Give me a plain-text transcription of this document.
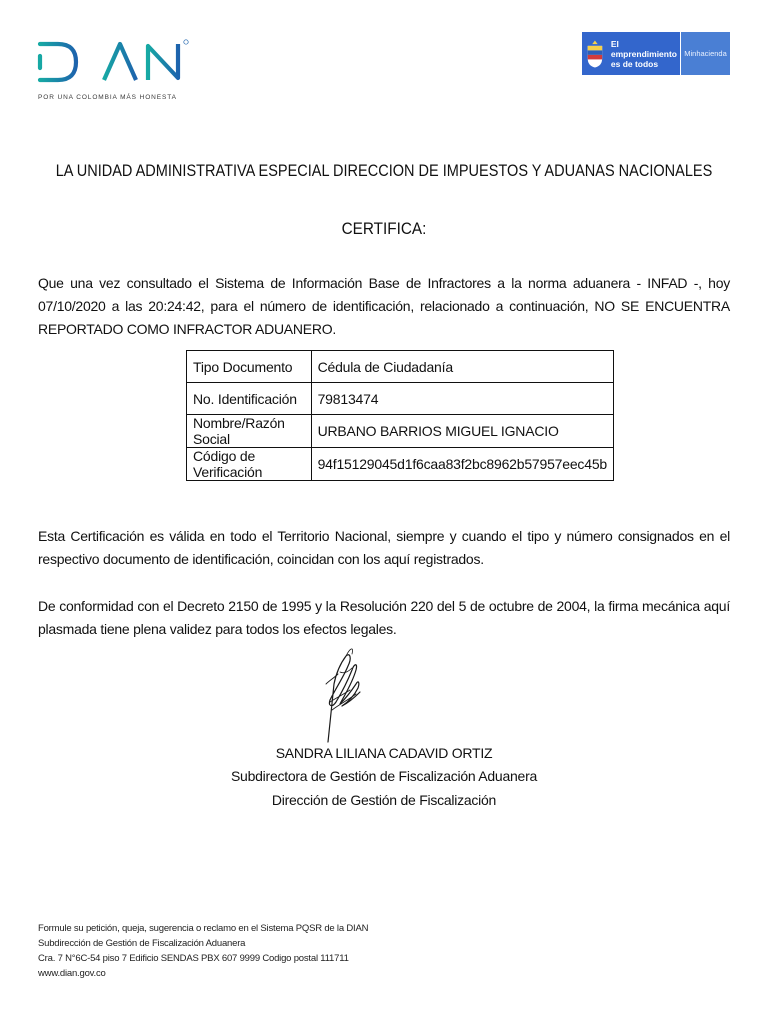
POR UNA COLOMBIA MÁS HONESTA
El emprendimiento
es de todos
Minhacienda
LA UNIDAD ADMINISTRATIVA ESPECIAL DIRECCION DE IMPUESTOS Y ADUANAS NACIONALES
CERTIFICA:
Que una vez consultado el Sistema de Información Base de Infractores a la norma aduanera - INFAD -, hoy 07/10/2020 a las 20:24:42, para el número de identificación, relacionado a continuación, NO SE ENCUENTRA REPORTADO COMO INFRACTOR ADUANERO.
Tipo Documento	Cédula de Ciudadanía
No. Identificación	79813474
Nombre/Razón Social	URBANO BARRIOS MIGUEL IGNACIO
Código de Verificación	94f15129045d1f6caa83f2bc8962b57957eec45b
Esta Certificación es válida en todo el Territorio Nacional, siempre y cuando el tipo y número consignados en el respectivo documento de identificación, coincidan con los aquí registrados.
De conformidad con el Decreto 2150 de 1995 y la Resolución 220 del 5 de octubre de 2004, la firma mecánica aquí plasmada tiene plena validez para todos los efectos legales.
SANDRA LILIANA CADAVID ORTIZ
Subdirectora de Gestión de Fiscalización Aduanera
Dirección de Gestión de Fiscalización
Formule su petición, queja, sugerencia o reclamo en el Sistema PQSR de la DIAN
Subdirección de Gestión de Fiscalización Aduanera
Cra. 7 N°6C-54 piso 7 Edificio SENDAS PBX 607 9999 Codigo postal 111711
www.dian.gov.co
